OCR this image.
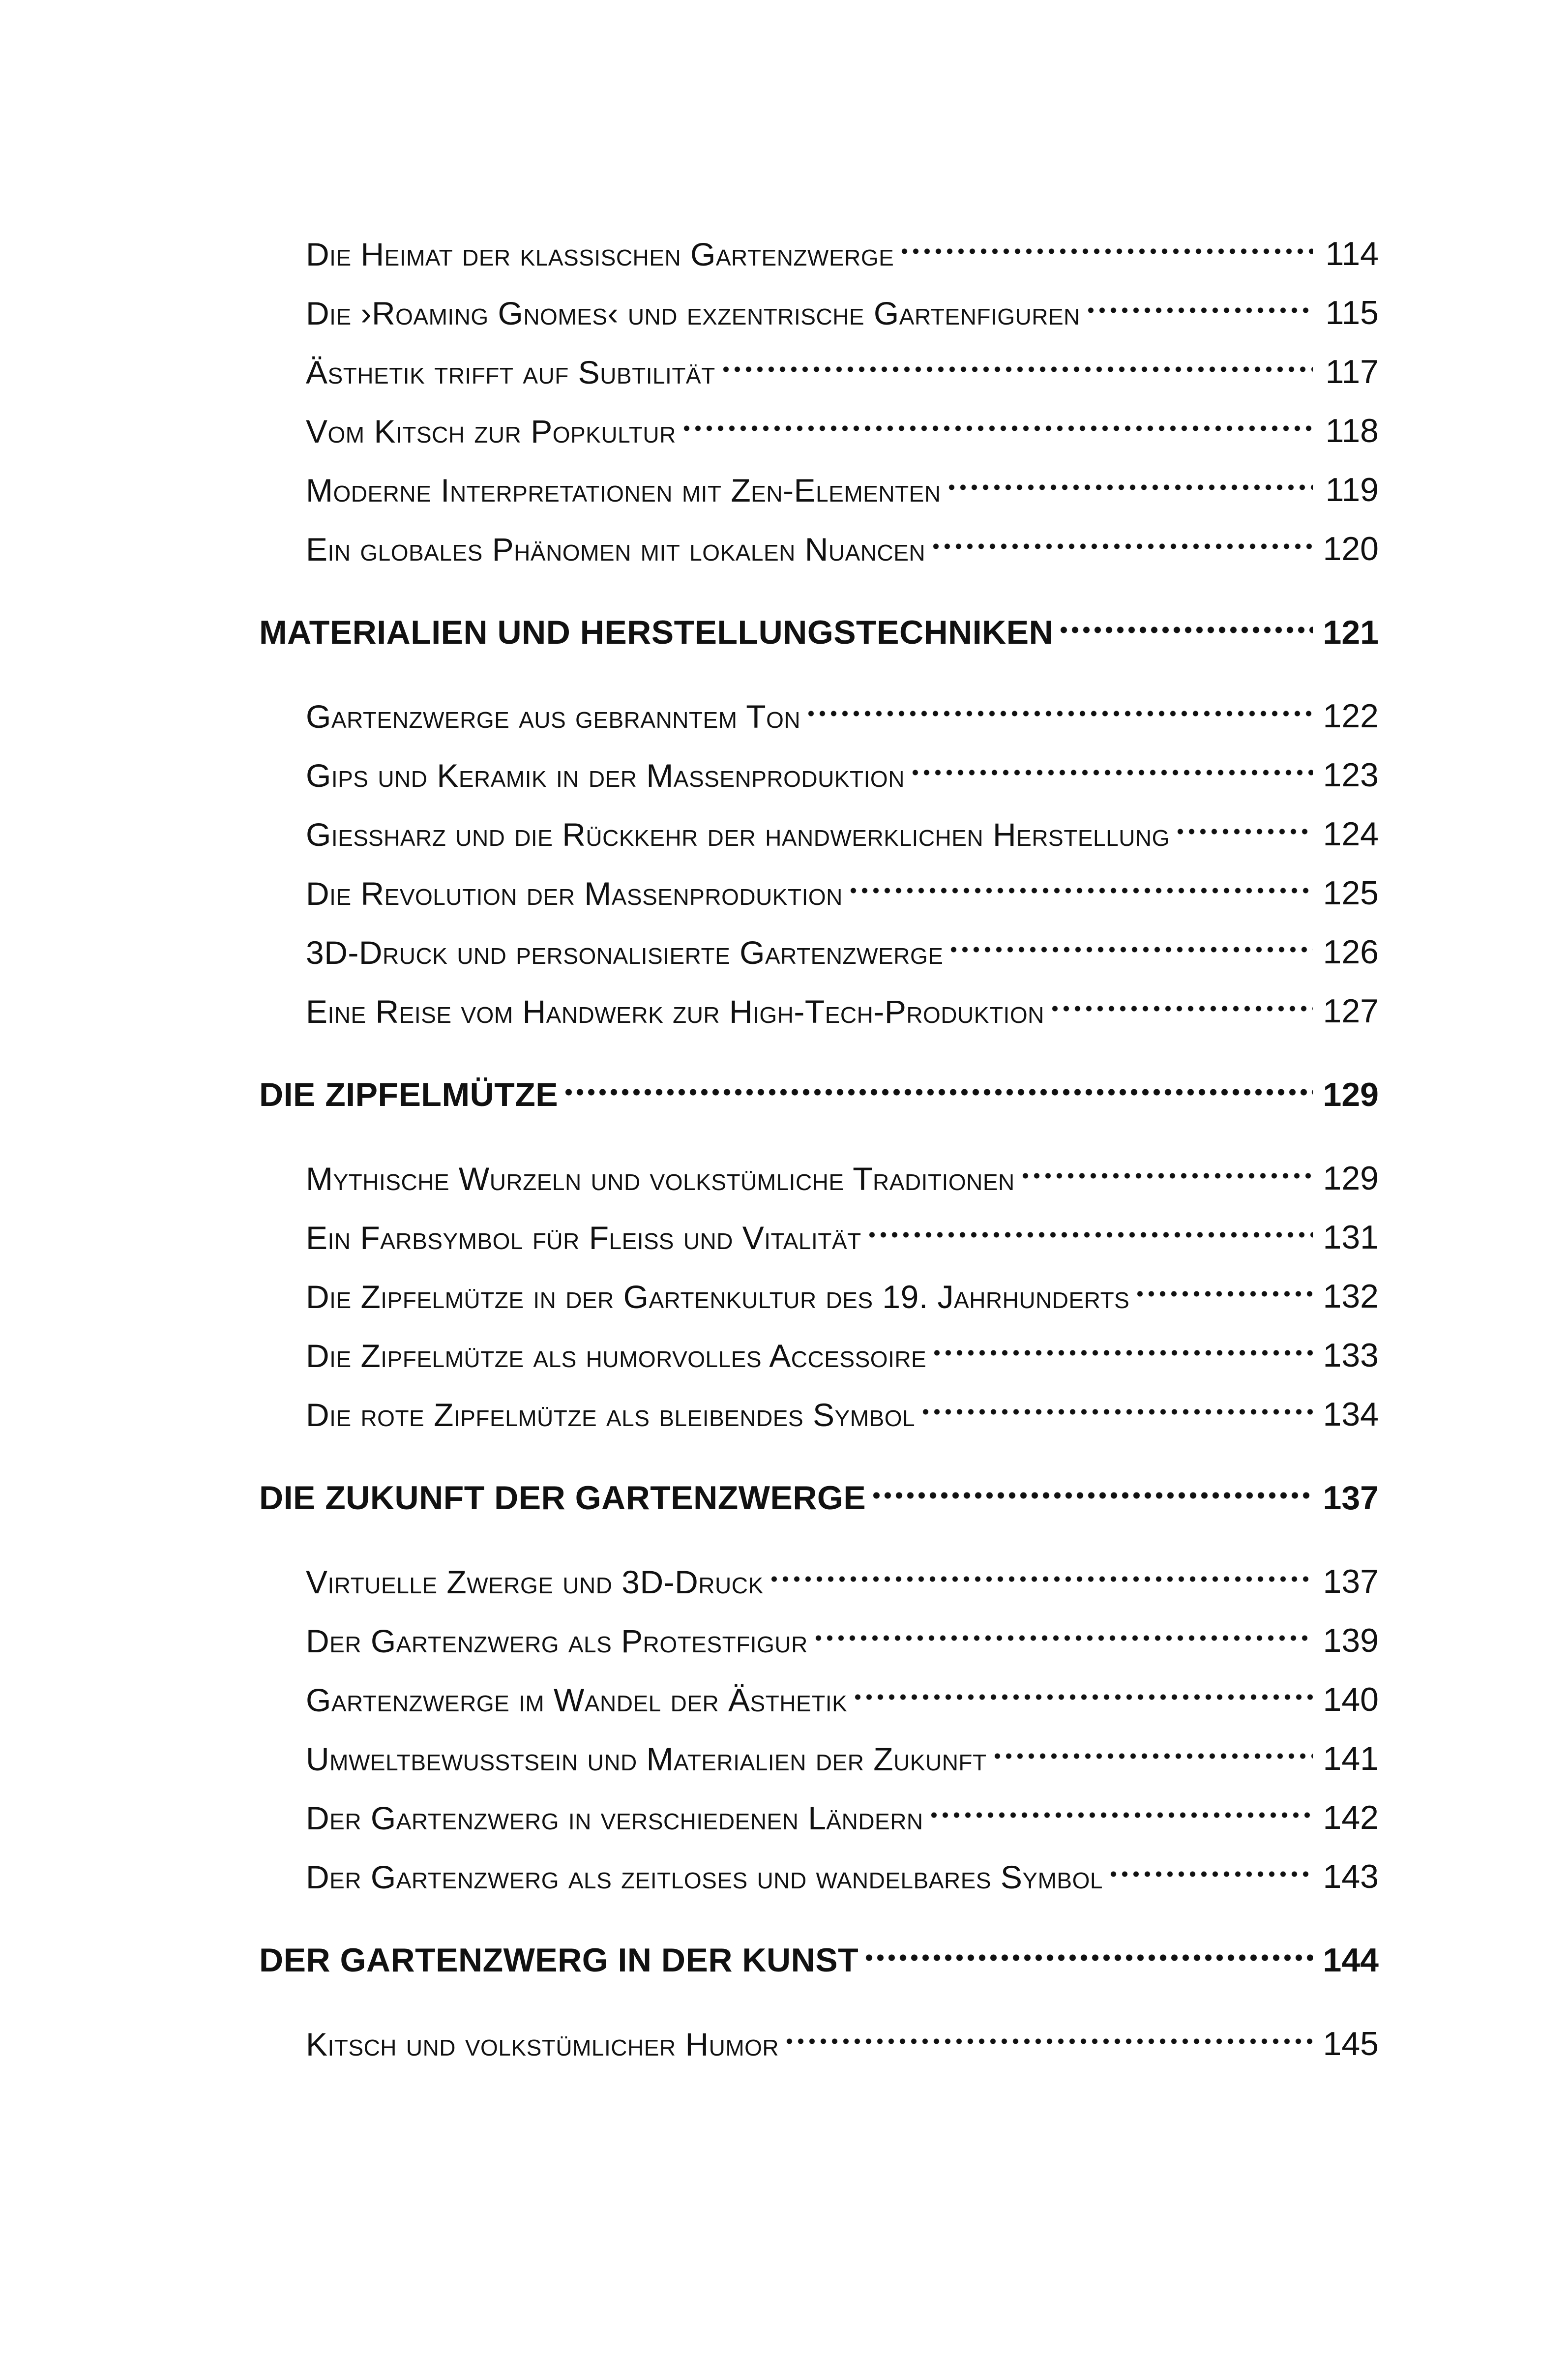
Die Heimat der klassischen Gartenzwerge	114
Die ›Roaming Gnomes‹ und exzentrische Gartenfiguren	115
Ästhetik trifft auf Subtilität	117
Vom Kitsch zur Popkultur	118
Moderne Interpretationen mit Zen-Elementen	119
Ein globales Phänomen mit lokalen Nuancen	120
MATERIALIEN UND HERSTELLUNGSTECHNIKEN	121
Gartenzwerge aus gebranntem Ton	122
Gips und Keramik in der Massenproduktion	123
Gießharz und die Rückkehr der handwerklichen Herstellung	124
Die Revolution der Massenproduktion	125
3D-Druck und personalisierte Gartenzwerge	126
Eine Reise vom Handwerk zur High-Tech-Produktion	127
DIE ZIPFELMÜTZE	129
Mythische Wurzeln und volkstümliche Traditionen	129
Ein Farbsymbol für Fleiß und Vitalität	131
Die Zipfelmütze in der Gartenkultur des 19. Jahrhunderts	132
Die Zipfelmütze als humorvolles Accessoire	133
Die rote Zipfelmütze als bleibendes Symbol	134
DIE ZUKUNFT DER GARTENZWERGE	137
Virtuelle Zwerge und 3D-Druck	137
Der Gartenzwerg als Protestfigur	139
Gartenzwerge im Wandel der Ästhetik	140
Umweltbewusstsein und Materialien der Zukunft	141
Der Gartenzwerg in verschiedenen Ländern	142
Der Gartenzwerg als zeitloses und wandelbares Symbol	143
DER GARTENZWERG IN DER KUNST	144
Kitsch und volkstümlicher Humor	145
